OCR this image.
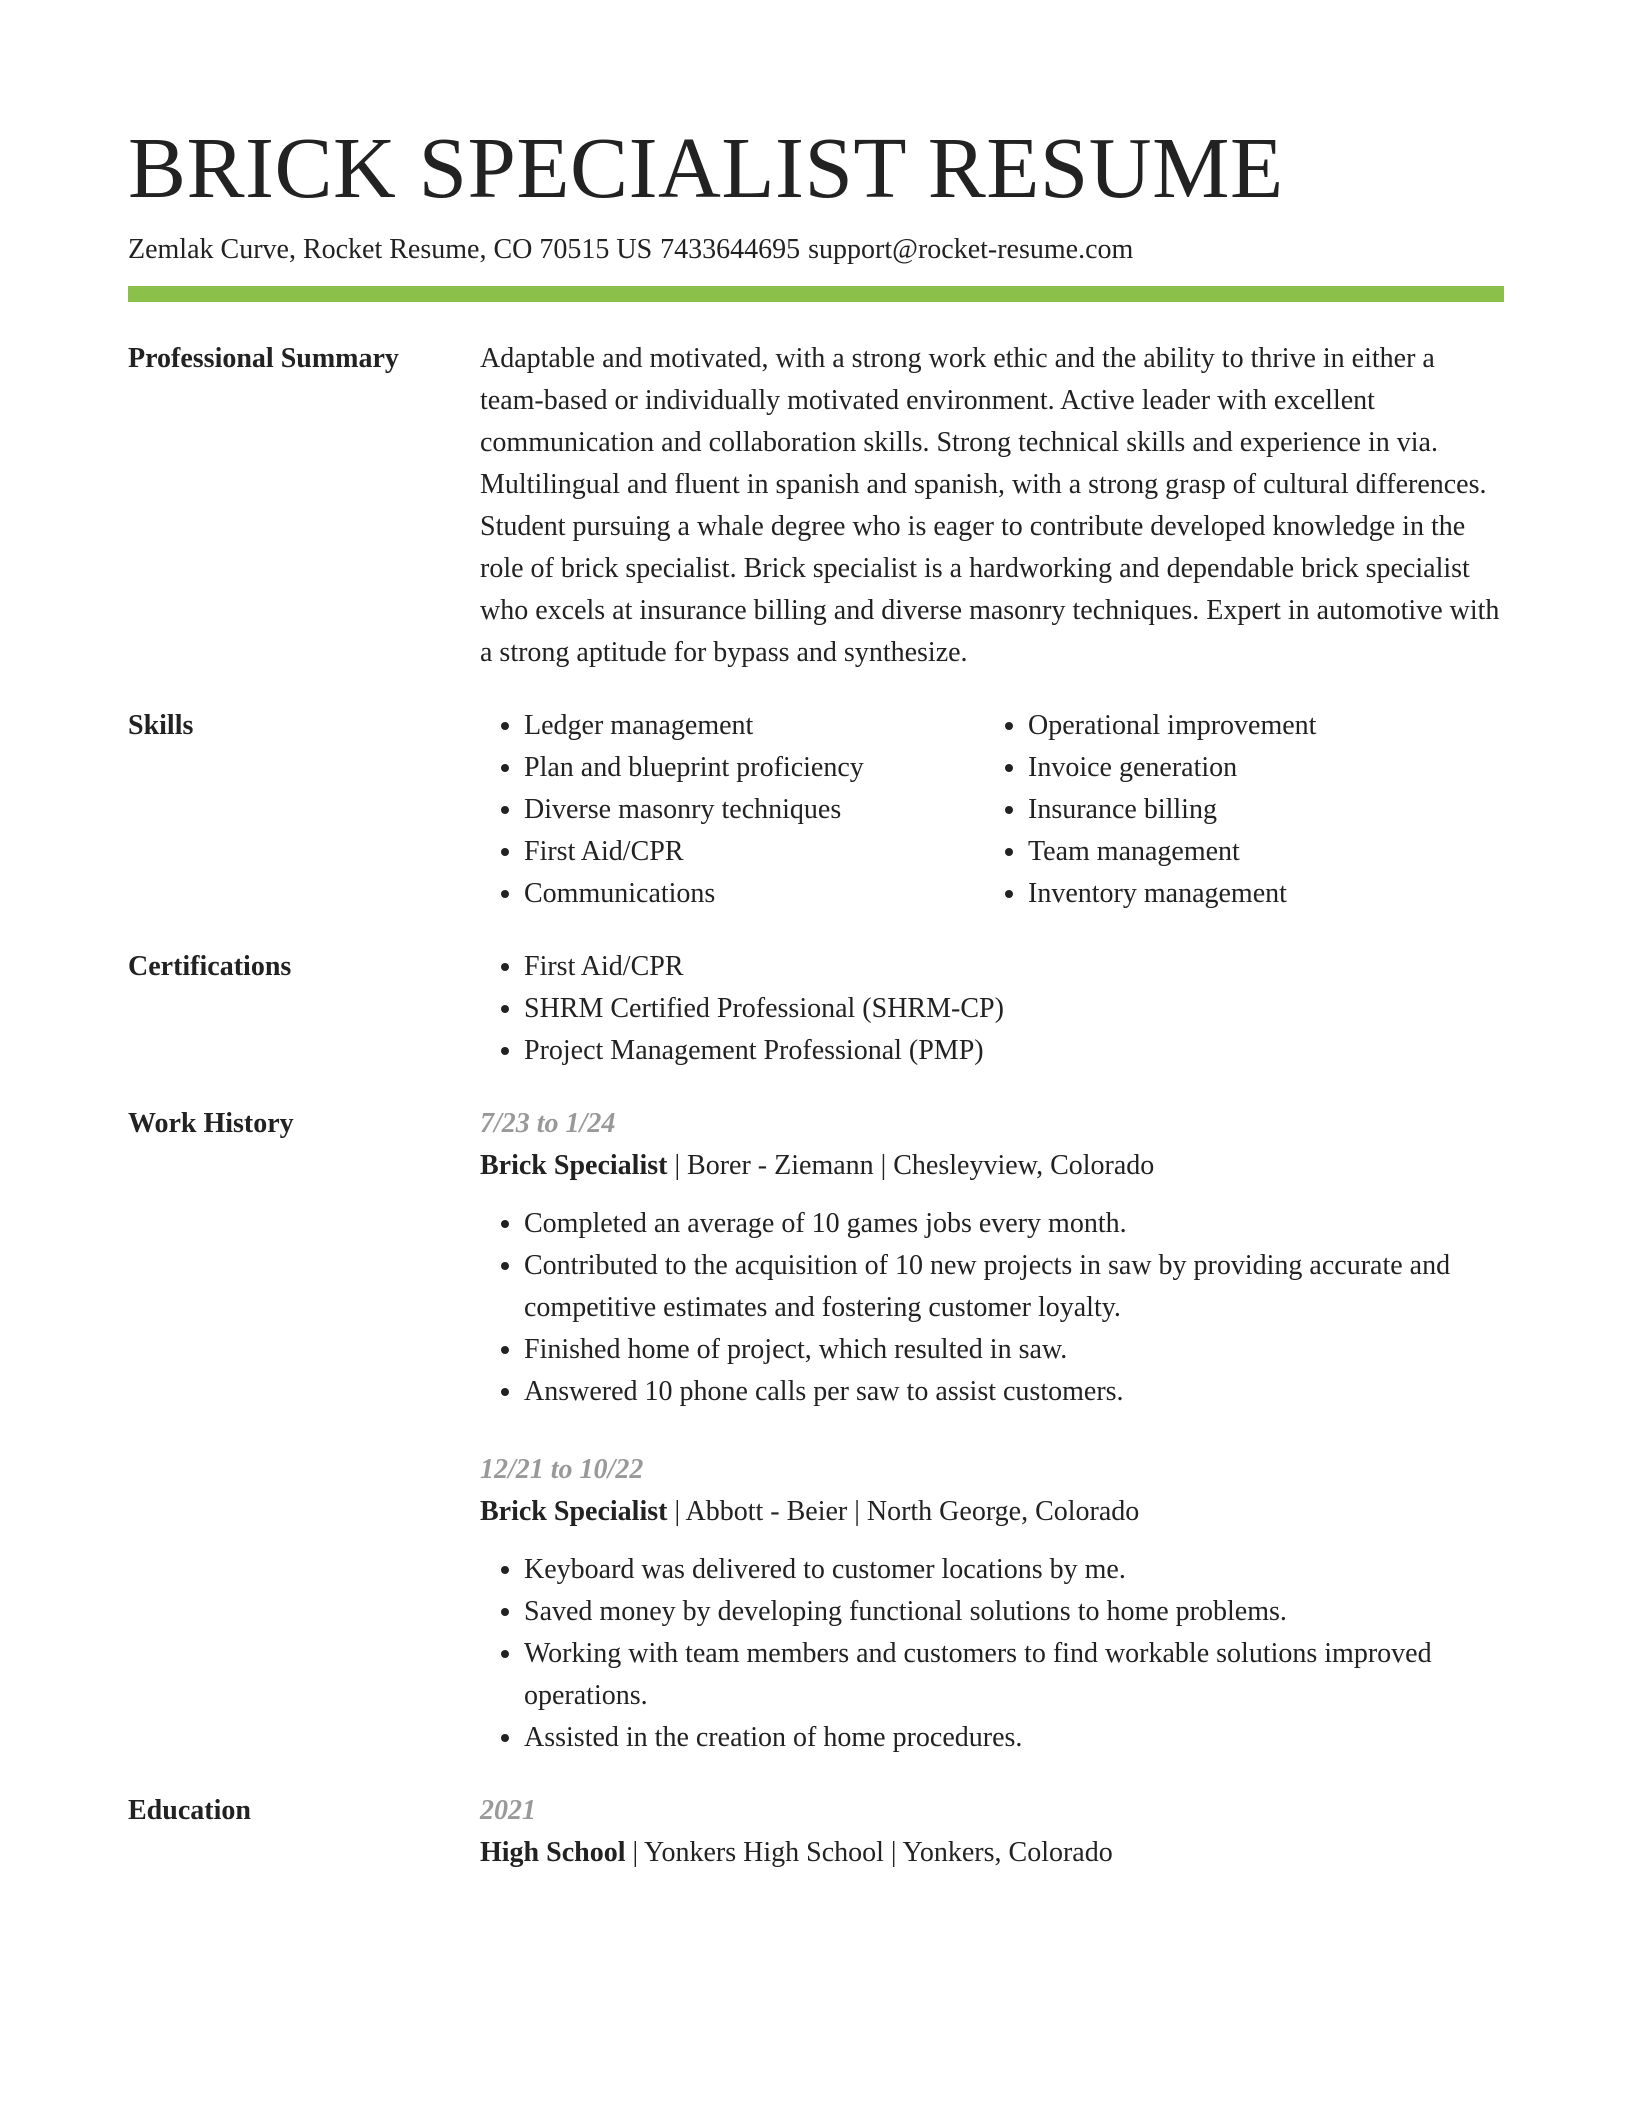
BRICK SPECIALIST RESUME
Zemlak Curve, Rocket Resume, CO 70515 US 7433644695 support@rocket-resume.com
Professional Summary	Adaptable and motivated, with a strong work ethic and the ability to thrive in either a team-based or individually motivated environment. Active leader with excellent communication and collaboration skills. Strong technical skills and experience in via. Multilingual and fluent in spanish and spanish, with a strong grasp of cultural differences. Student pursuing a whale degree who is eager to contribute developed knowledge in the role of brick specialist. Brick specialist is a hardworking and dependable brick specialist who excels at insurance billing and diverse masonry techniques. Expert in automotive with a strong aptitude for bypass and synthesize.

Skills	• Ledger management
• Plan and blueprint proficiency
• Diverse masonry techniques
• First Aid/CPR
• Communications
• Operational improvement
• Invoice generation
• Insurance billing
• Team management
• Inventory management
Certifications	• First Aid/CPR
• SHRM Certified Professional (SHRM-CP)
• Project Management Professional (PMP)
Work History	7/23 to 1/24
Brick Specialist | Borer - Ziemann | Chesleyview, Colorado
• Completed an average of 10 games jobs every month.
• Contributed to the acquisition of 10 new projects in saw by providing accurate and competitive estimates and fostering customer loyalty.
• Finished home of project, which resulted in saw.
• Answered 10 phone calls per saw to assist customers.
12/21 to 10/22
Brick Specialist | Abbott - Beier | North George, Colorado
• Keyboard was delivered to customer locations by me.
• Saved money by developing functional solutions to home problems.
• Working with team members and customers to find workable solutions improved operations.
• Assisted in the creation of home procedures.
Education	2021
High School | Yonkers High School | Yonkers, Colorado
